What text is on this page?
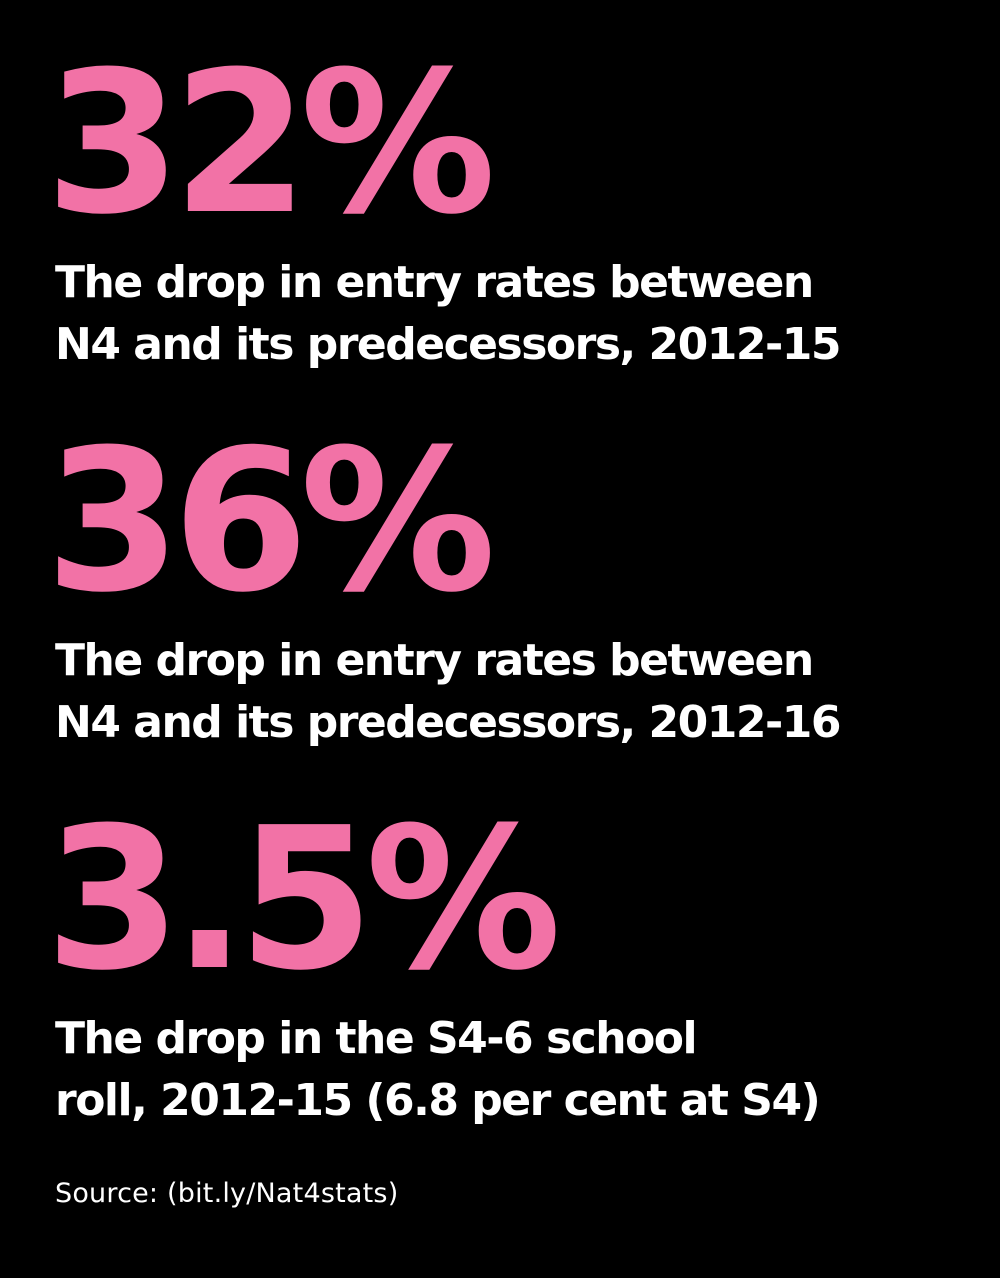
32%
The drop in entry rates between
N4 and its predecessors, 2012-15
36%
The drop in entry rates between
N4 and its predecessors, 2012-16
3.5%
The drop in the S4-6 school
roll, 2012-15 (6.8 per cent at S4)
Source: (bit.ly/Nat4stats)
